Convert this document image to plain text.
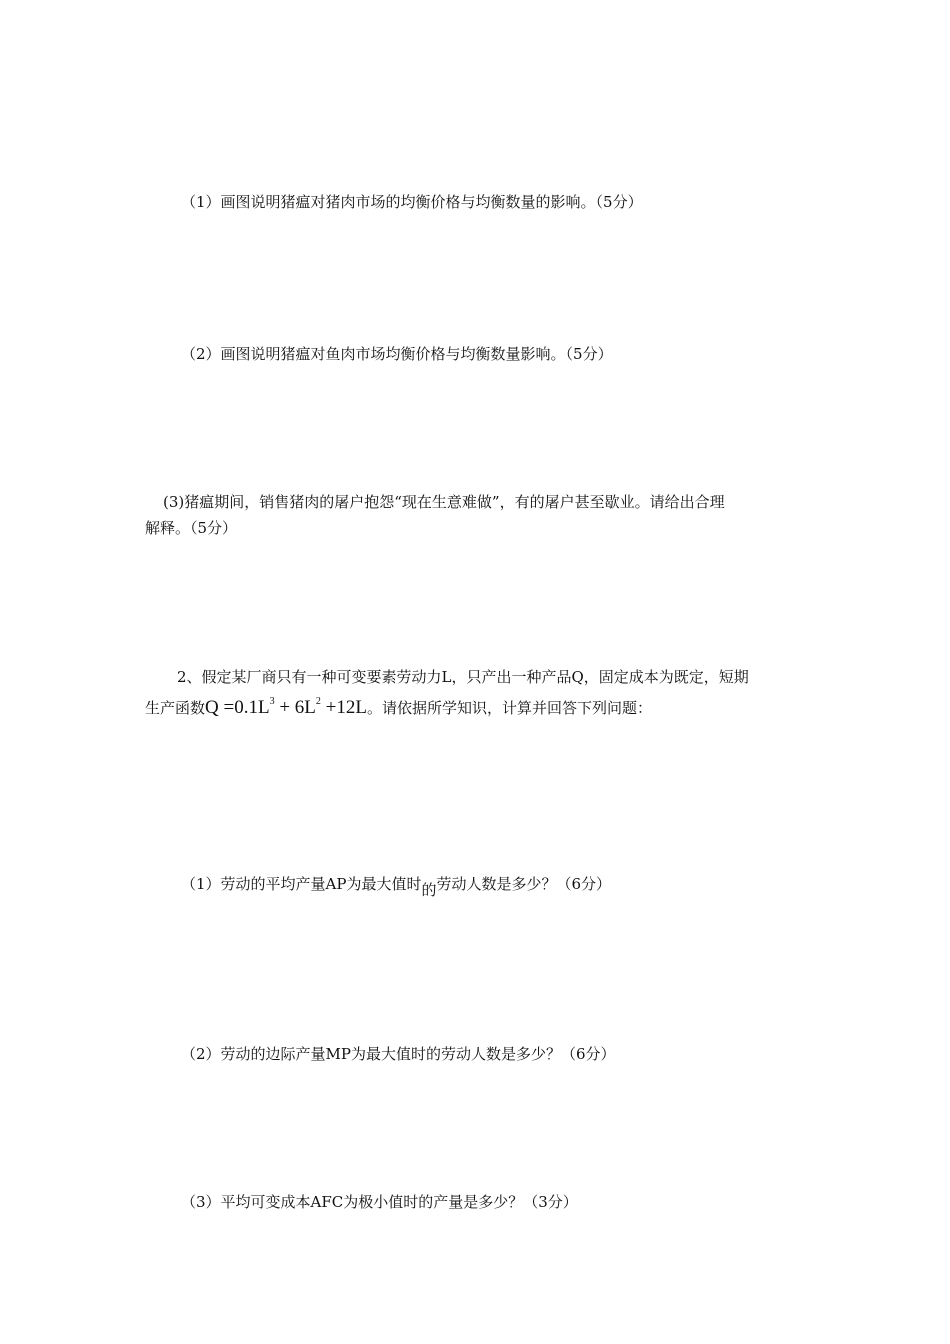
（1）画图说明猪瘟对猪肉市场的均衡价格与均衡数量的影响。（5分）

（2）画图说明猪瘟对鱼肉市场均衡价格与均衡数量影响。（5分）

(3)猪瘟期间，销售猪肉的屠户抱怨“现在生意难做”，有的屠户甚至歇业。请给出合理

解释。（5分）

2、假定某厂商只有一种可变要素劳动力L，只产出一种产品Q，固定成本为既定，短期

生产函数$Q =0.1L^3 + 6L^2 +12L$。请依据所学知识，计算并回答下列问题：

（1）劳动的平均产量AP为最大值时的劳动人数是多少？（6分）

（2）劳动的边际产量MP为最大值时的劳动人数是多少？（6分）

（3）平均可变成本AFC为极小值时的产量是多少？（3分）
